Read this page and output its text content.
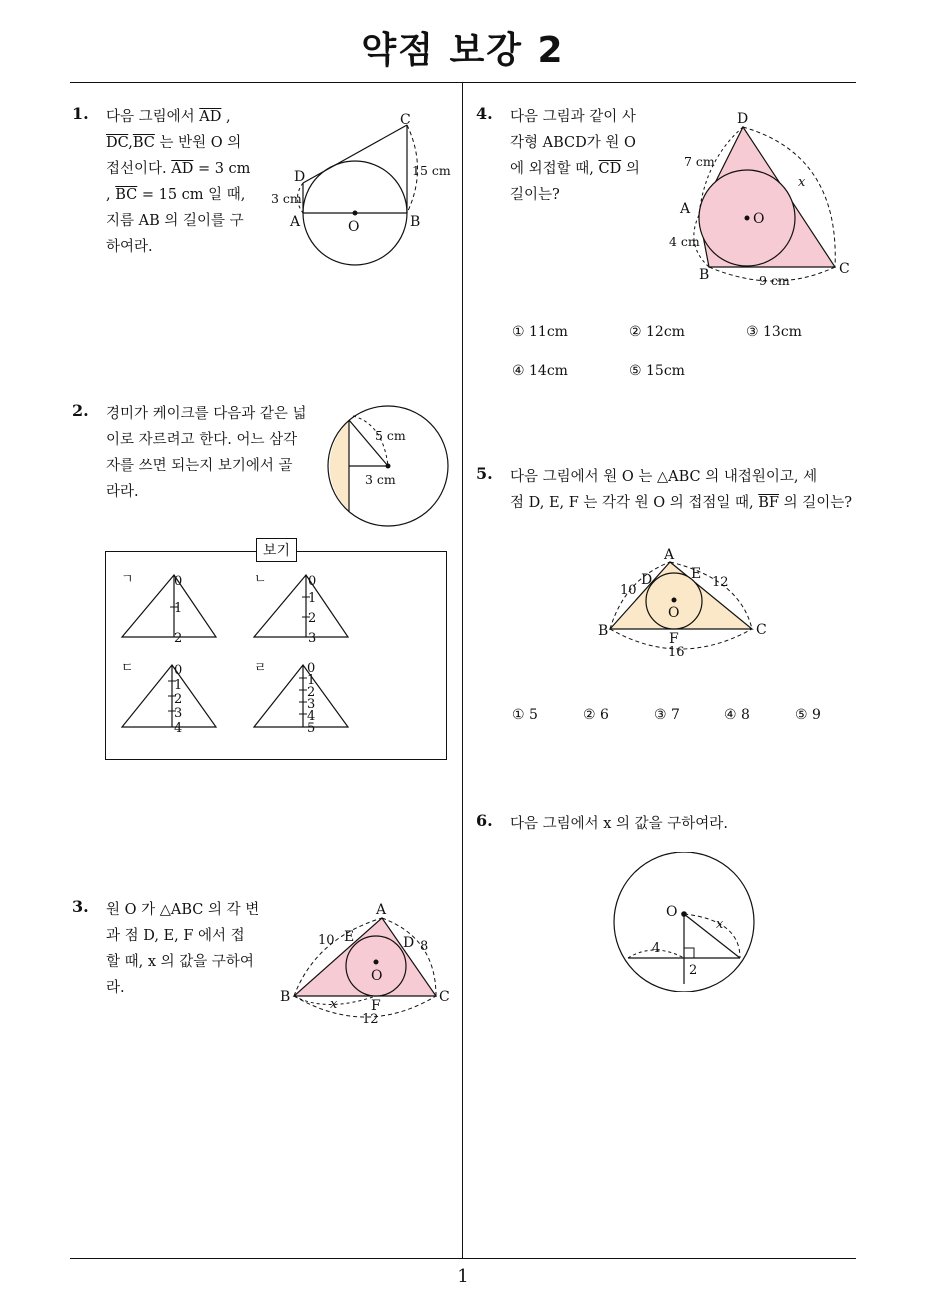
약점 보강 2
1
1. 다음 그림에서 $\overline{AD}$ ,
$\overline{DC},\overline{BC}$ 는 반원 O 의
접선이다. $\overline{AD} = 3$ cm
, $\overline{BC} = 15$ cm 일 때,
지름 AB 의 길이를 구
하여라.
C
D
A	B
O
15 cm
3 cm
2. 경미가 케이크를 다음과 같은 넓
이로 자르려고 한다. 어느 삼각
자를 쓰면 되는지 보기에서 골
라라.
5 cm
3 cm
보기
ㄱ	0
1
2
ㄴ	0
1
2
3
ㄷ	0
1
2
3
4
ㄹ	0
1
2
3
4
5
3. 원 O 가 △ABC 의 각 변
과 점 D, E, F 에서 접
할 때, x 의 값을 구하여
라.
A
B	C
D
E
F
O
10	8
12
x
4. 다음 그림과 같이 사
각형 ABCD가 원 O
에 외접할 때, $\overline{CD}$ 의
길이는?
D
A
B	C
O
7 cm
4 cm
9 cm
x
① 11cm	② 12cm	③ 13cm
④ 14cm	⑤ 15cm
5. 다음 그림에서 원 O 는 △ABC 의 내접원이고, 세
점 D, E, F 는 각각 원 O 의 접점일 때, $\overline{BF}$ 의 길이는?
A
B	C
D	E
F
O
10
12
16
① 5	② 6	③ 7	④ 8	⑤ 9
6. 다음 그림에서 x 의 값을 구하여라.
O
x
4
2
